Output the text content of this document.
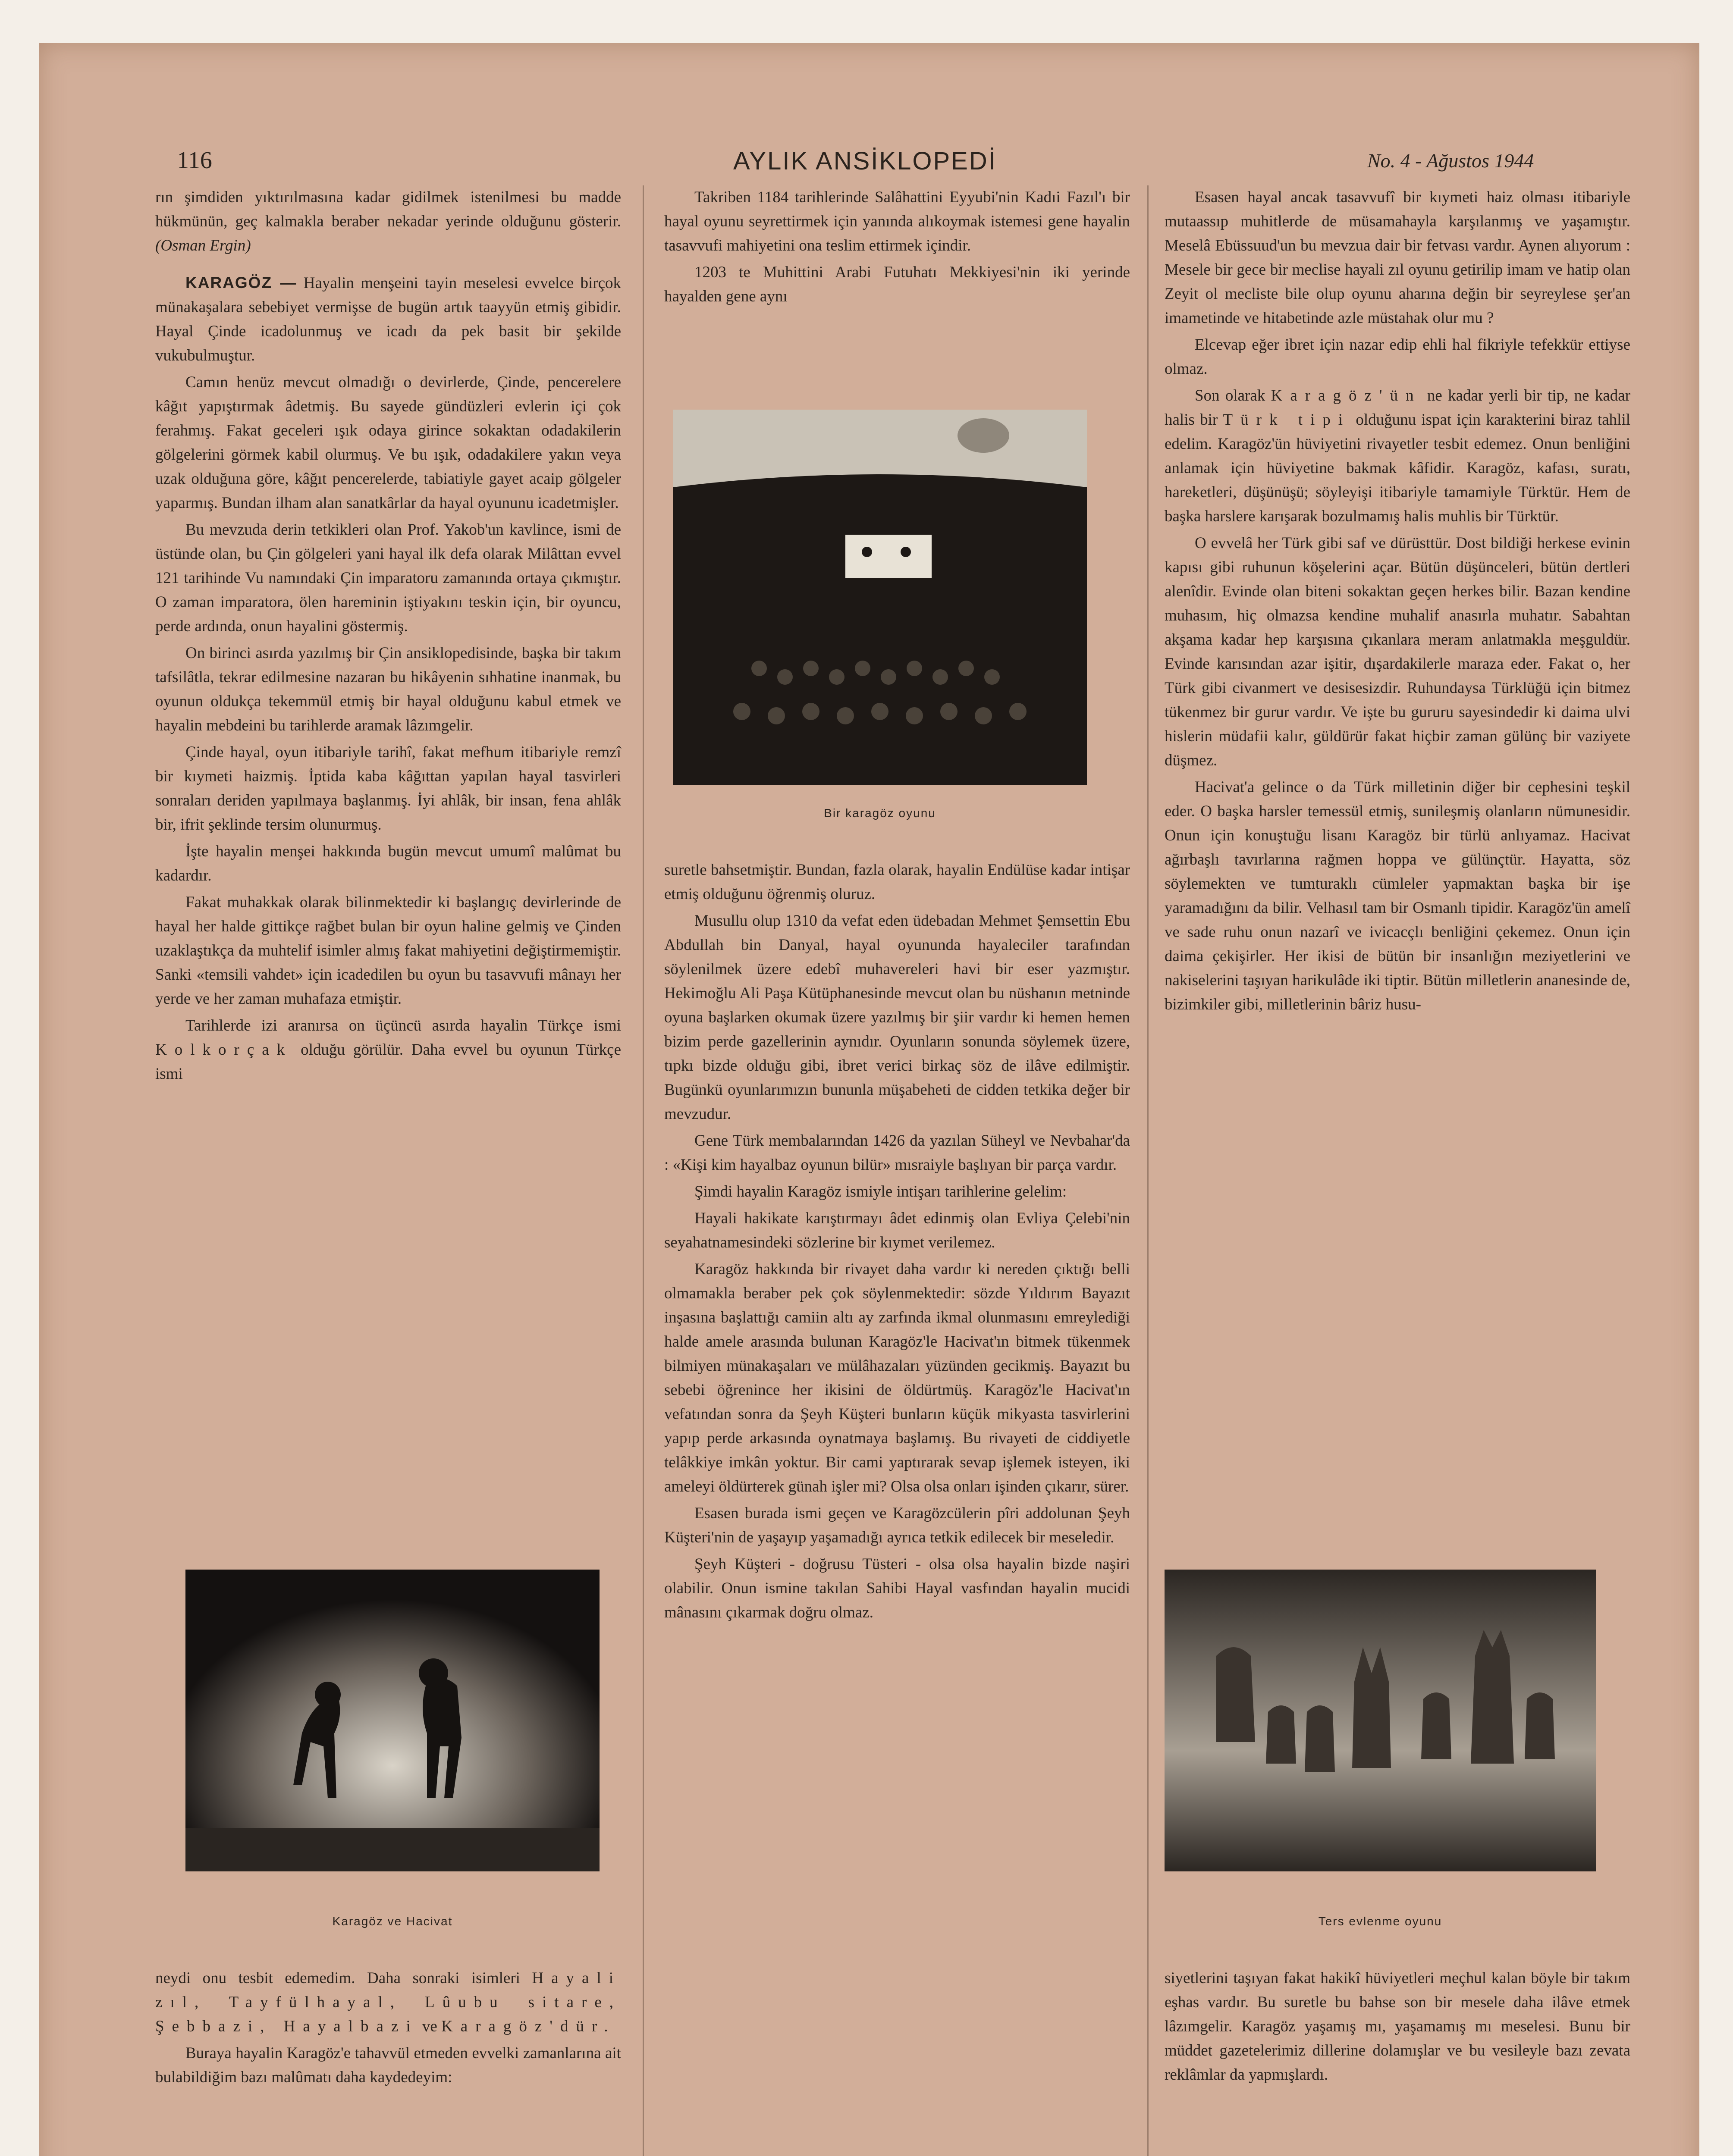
116	AYLIK ANSİKLOPEDİ	No. 4 - Ağustos 1944

rın şimdiden yıktırılmasına kadar gidilmek istenilmesi bu madde hükmünün, geç kalmakla beraber nekadar yerinde olduğunu gösterir. (Osman Ergin)

KARAGÖZ — Hayalin menşeini tayin meselesi evvelce birçok münakaşalara sebebiyet vermişse de bugün artık taayyün etmiş gibidir. Hayal Çinde icadolunmuş ve icadı da pek basit bir şekilde vukubulmuştur.

Camın henüz mevcut olmadığı o devirlerde, Çinde, pencerelere kâğıt yapıştırmak âdetmiş. Bu sayede gündüzleri evlerin içi çok ferahmış. Fakat geceleri ışık odaya girince sokaktan odadakilerin gölgelerini görmek kabil olurmuş. Ve bu ışık, odadakilere yakın veya uzak olduğuna göre, kâğıt pencerelerde, tabiatiyle gayet acaip gölgeler yaparmış. Bundan ilham alan sanatkârlar da hayal oyununu icadetmişler.

Bu mevzuda derin tetkikleri olan Prof. Yakob'un kavlince, ismi de üstünde olan, bu Çin gölgeleri yani hayal ilk defa olarak Milâttan evvel 121 tarihinde Vu namındaki Çin imparatoru zamanında ortaya çıkmıştır. O zaman imparatora, ölen hareminin iştiyakını teskin için, bir oyuncu, perde ardında, onun hayalini göstermiş.

On birinci asırda yazılmış bir Çin ansiklopedisinde, başka bir takım tafsilâtla, tekrar edilmesine nazaran bu hikâyenin sıhhatine inanmak, bu oyunun oldukça tekemmül etmiş bir hayal olduğunu kabul etmek ve hayalin mebdeini bu tarihlerde aramak lâzımgelir.

Çinde hayal, oyun itibariyle tarihî, fakat mefhum itibariyle remzî bir kıymeti haizmiş. İptida kaba kâğıttan yapılan hayal tasvirleri sonraları deriden yapılmaya başlanmış. İyi ahlâk, bir insan, fena ahlâk bir, ifrit şeklinde tersim olunurmuş.

İşte hayalin menşei hakkında bugün mevcut umumî malûmat bu kadardır.

Fakat muhakkak olarak bilinmektedir ki başlangıç devirlerinde de hayal her halde gittikçe rağbet bulan bir oyun haline gelmiş ve Çinden uzaklaştıkça da muhtelif isimler almış fakat mahiyetini değiştirmemiştir. Sanki «temsili vahdet» için icadedilen bu oyun bu tasavvufi mânayı her yerde ve her zaman muhafaza etmiştir.

Tarihlerde izi aranırsa on üçüncü asırda hayalin Türkçe ismi Kolkorçak olduğu görülür. Daha evvel bu oyunun Türkçe ismi

Karagöz ve Hacivat

neydi onu tesbit edemedim. Daha sonraki isimleri Hayali zıl, Tayfülhayal, Lûubu sitare, Şebbazi, Hayalbazi ve Karagöz'dür.

Buraya hayalin Karagöz'e tahavvül etmeden evvelki zamanlarına ait bulabildiğim bazı malûmatı daha kaydedeyim:

Takriben 1184 tarihlerinde Salâhattini Eyyubi'nin Kadıi Fazıl'ı bir hayal oyunu seyrettirmek için yanında alıkoymak istemesi gene hayalin tasavvufi mahiyetini ona teslim ettirmek içindir.

1203 te Muhittini Arabi Futuhatı Mekkiyesi'nin iki yerinde hayalden gene aynı

Bir karagöz oyunu

suretle bahsetmiştir. Bundan, fazla olarak, hayalin Endülüse kadar intişar etmiş olduğunu öğrenmiş oluruz.

Musullu olup 1310 da vefat eden üdebadan Mehmet Şemsettin Ebu Abdullah bin Danyal, hayal oyununda hayaleciler tarafından söylenilmek üzere edebî muhavereleri havi bir eser yazmıştır. Hekimoğlu Ali Paşa Kütüphanesinde mevcut olan bu nüshanın metninde oyuna başlarken okumak üzere yazılmış bir şiir vardır ki hemen hemen bizim perde gazellerinin aynıdır. Oyunların sonunda söylemek üzere, tıpkı bizde olduğu gibi, ibret verici birkaç söz de ilâve edilmiştir. Bugünkü oyunlarımızın bununla müşabeheti de cidden tetkika değer bir mevzudur.

Gene Türk membalarından 1426 da yazılan Süheyl ve Nevbahar'da : «Kişi kim hayalbaz oyunun bilür» mısraiyle başlıyan bir parça vardır.

Şimdi hayalin Karagöz ismiyle intişarı tarihlerine gelelim:

Hayali hakikate karıştırmayı âdet edinmiş olan Evliya Çelebi'nin seyahatnamesindeki sözlerine bir kıymet verilemez.

Karagöz hakkında bir rivayet daha vardır ki nereden çıktığı belli olmamakla beraber pek çok söylenmektedir: sözde Yıldırım Bayazıt inşasına başlattığı camiin altı ay zarfında ikmal olunmasını emreylediği halde amele arasında bulunan Karagöz'le Hacivat'ın bitmek tükenmek bilmiyen münakaşaları ve mülâhazaları yüzünden gecikmiş. Bayazıt bu sebebi öğrenince her ikisini de öldürtmüş. Karagöz'le Hacivat'ın vefatından sonra da Şeyh Küşteri bunların küçük mikyasta tasvirlerini yapıp perde arkasında oynatmaya başlamış. Bu rivayeti de ciddiyetle telâkkiye imkân yoktur. Bir cami yaptırarak sevap işlemek isteyen, iki ameleyi öldürterek günah işler mi? Olsa olsa onları işinden çıkarır, sürer.

Esasen burada ismi geçen ve Karagözcülerin pîri addolunan Şeyh Küşteri'nin de yaşayıp yaşamadığı ayrıca tetkik edilecek bir meseledir.

Şeyh Küşteri - doğrusu Tüsteri - olsa olsa hayalin bizde naşiri olabilir. Onun ismine takılan Sahibi Hayal vasfından hayalin mucidi mânasını çıkarmak doğru olmaz.

Esasen hayal ancak tasavvufî bir kıymeti haiz olması itibariyle mutaassıp muhitlerde de müsamahayla karşılanmış ve yaşamıştır. Meselâ Ebüssuud'un bu mevzua dair bir fetvası vardır. Aynen alıyorum : Mesele bir gece bir meclise hayali zıl oyunu getirilip imam ve hatip olan Zeyit ol mecliste bile olup oyunu aharına değin bir seyreylese şer'an imametinde ve hitabetinde azle müstahak olur mu ?

Elcevap eğer ibret için nazar edip ehli hal fikriyle tefekkür ettiyse olmaz.

Son olarak Karagöz'ün ne kadar yerli bir tip, ne kadar halis bir Türk tipi olduğunu ispat için karakterini biraz tahlil edelim. Karagöz'ün hüviyetini rivayetler tesbit edemez. Onun benliğini anlamak için hüviyetine bakmak kâfidir. Karagöz, kafası, suratı, hareketleri, düşünüşü; söyleyişi itibariyle tamamiyle Türktür. Hem de başka harslere karışarak bozulmamış halis muhlis bir Türktür.

O evvelâ her Türk gibi saf ve dürüsttür. Dost bildiği herkese evinin kapısı gibi ruhunun köşelerini açar. Bütün düşünceleri, bütün dertleri alenîdir. Evinde olan biteni sokaktan geçen herkes bilir. Bazan kendine muhasım, hiç olmazsa kendine muhalif anasırla muhatır. Sabahtan akşama kadar hep karşısına çıkanlara meram anlatmakla meşguldür. Evinde karısından azar işitir, dışardakilerle maraza eder. Fakat o, her Türk gibi civanmert ve desisesizdir. Ruhundaysa Türklüğü için bitmez tükenmez bir gurur vardır. Ve işte bu gururu sayesindedir ki daima ulvi hislerin müdafii kalır, güldürür fakat hiçbir zaman gülünç bir vaziyete düşmez.

Hacivat'a gelince o da Türk milletinin diğer bir cephesini teşkil eder. O başka harsler temessül etmiş, sunileşmiş olanların nümunesidir. Onun için konuştuğu lisanı Karagöz bir türlü anlıyamaz. Hacivat ağırbaşlı tavırlarına rağmen hoppa ve gülünçtür. Hayatta, söz söylemekten ve tumturaklı cümleler yapmaktan başka bir işe yaramadığını da bilir. Velhasıl tam bir Osmanlı tipidir. Karagöz'ün amelî ve sade ruhu onun nazarî ve ivicacçlı benliğini çekemez. Onun için daima çekişirler. Her ikisi de bütün bir insanlığın meziyetlerini ve nakiselerini taşıyan harikulâde iki tiptir. Bütün milletlerin ananesinde de, bizimkiler gibi, milletlerinin bâriz husu-

Ters evlenme oyunu

siyetlerini taşıyan fakat hakikî hüviyetleri meçhul kalan böyle bir takım eşhas vardır. Bu suretle bu bahse son bir mesele daha ilâve etmek lâzımgelir. Karagöz yaşamış mı, yaşamamış mı meselesi. Bunu bir müddet gazetelerimiz dillerine dolamışlar ve bu vesileyle bazı zevata reklâmlar da yapmışlardı.
